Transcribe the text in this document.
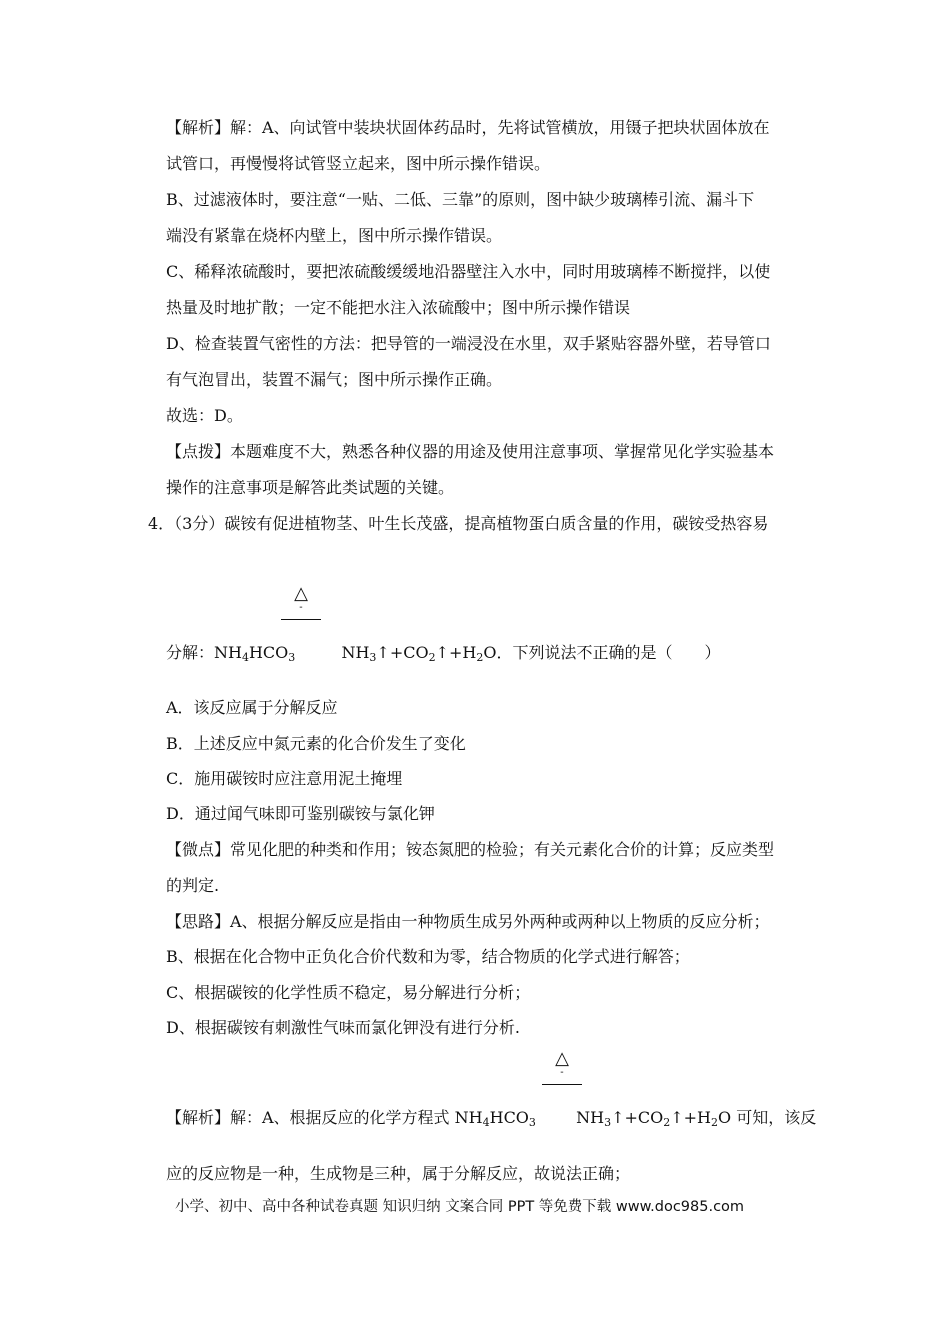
【解析】解：A、向试管中装块状固体药品时，先将试管横放，用镊子把块状固体放在
试管口，再慢慢将试管竖立起来，图中所示操作错误。
B、过滤液体时，要注意“一贴、二低、三靠”的原则，图中缺少玻璃棒引流、漏斗下
端没有紧靠在烧杯内壁上，图中所示操作错误。
C、稀释浓硫酸时，要把浓硫酸缓缓地沿器壁注入水中，同时用玻璃棒不断搅拌，以使
热量及时地扩散；一定不能把水注入浓硫酸中；图中所示操作错误
D、检查装置气密性的方法：把导管的一端浸没在水里，双手紧贴容器外壁，若导管口
有气泡冒出，装置不漏气；图中所示操作正确。
故选：D。
【点拨】本题难度不大，熟悉各种仪器的用途及使用注意事项、掌握常见化学实验基本
操作的注意事项是解答此类试题的关键。
4．（3分）碳铵有促进植物茎、叶生长茂盛，提高植物蛋白质含量的作用，碳铵受热容易
△
-
分解：$NH_4HCO_3$	$NH_3↑+CO_2↑+H_2O$．下列说法不正确的是（　　）
A．该反应属于分解反应
B．上述反应中氮元素的化合价发生了变化
C．施用碳铵时应注意用泥土掩埋
D．通过闻气味即可鉴别碳铵与氯化钾
【微点】常见化肥的种类和作用；铵态氮肥的检验；有关元素化合价的计算；反应类型
的判定.
【思路】A、根据分解反应是指由一种物质生成另外两种或两种以上物质的反应分析；
B、根据在化合物中正负化合价代数和为零，结合物质的化学式进行解答；
C、根据碳铵的化学性质不稳定，易分解进行分析；
D、根据碳铵有刺激性气味而氯化钾没有进行分析.
△
-
【解析】解：A、根据反应的化学方程式 $NH_4HCO_3$	$NH_3↑+CO_2↑+H_2O$ 可知，该反
应的反应物是一种，生成物是三种，属于分解反应，故说法正确；
小学、初中、高中各种试卷真题 知识归纳 文案合同 PPT 等免费下载 www.doc985.com
